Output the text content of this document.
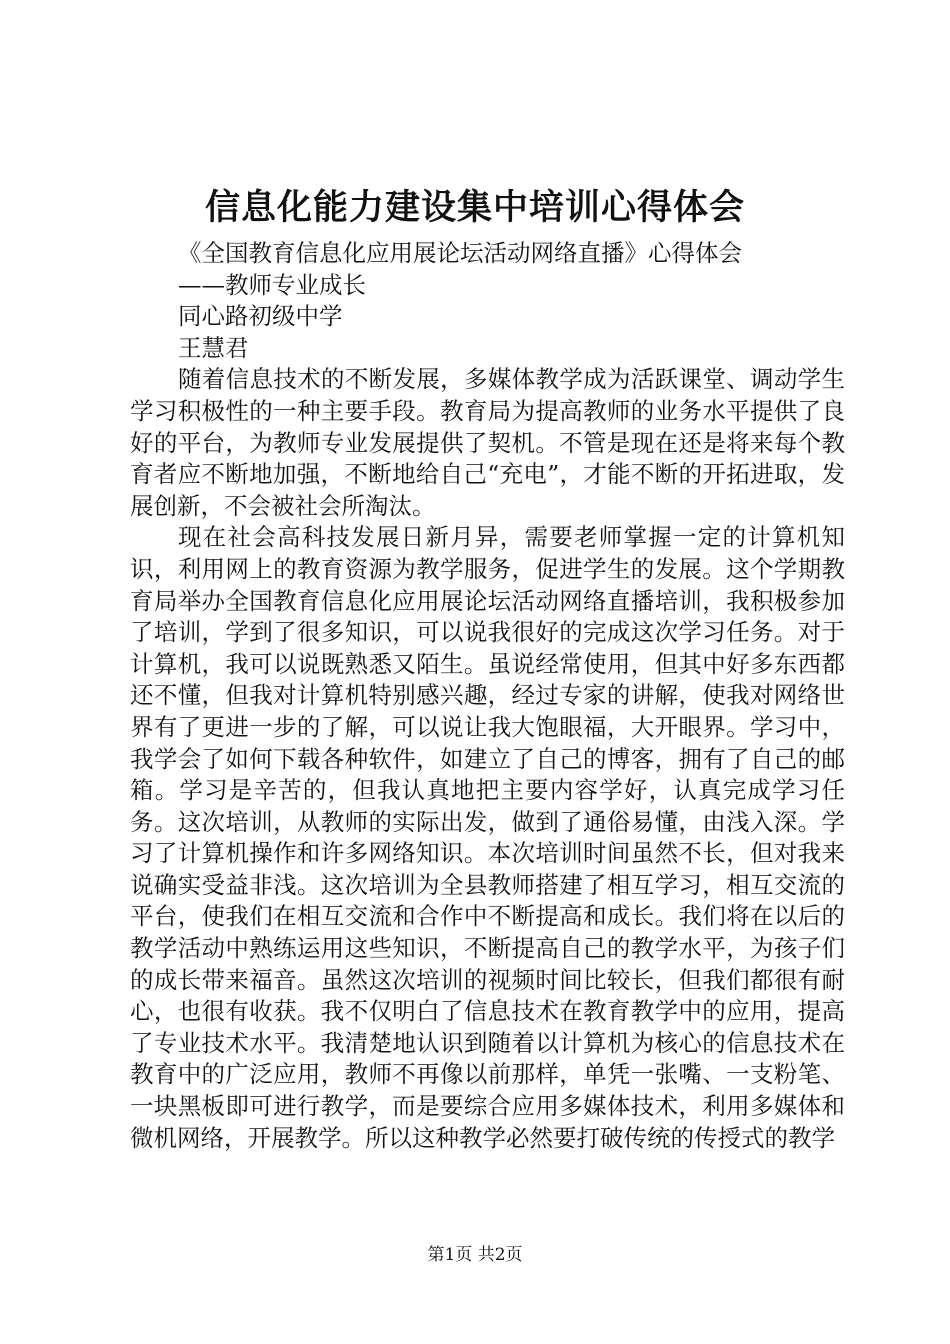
信息化能力建设集中培训心得体会

《全国教育信息化应用展论坛活动网络直播》心得体会

——教师专业成长

同心路初级中学

王慧君

随着信息技术的不断发展，多媒体教学成为活跃课堂、调动学生学习积极性的一种主要手段。教育局为提高教师的业务水平提供了良好的平台，为教师专业发展提供了契机。不管是现在还是将来每个教育者应不断地加强，不断地给自己“充电”，才能不断的开拓进取，发展创新，不会被社会所淘汰。

现在社会高科技发展日新月异，需要老师掌握一定的计算机知识，利用网上的教育资源为教学服务，促进学生的发展。这个学期教育局举办全国教育信息化应用展论坛活动网络直播培训，我积极参加了培训，学到了很多知识，可以说我很好的完成这次学习任务。对于计算机，我可以说既熟悉又陌生。虽说经常使用，但其中好多东西都还不懂，但我对计算机特别感兴趣，经过专家的讲解，使我对网络世界有了更进一步的了解，可以说让我大饱眼福，大开眼界。学习中，我学会了如何下载各种软件，如建立了自己的博客，拥有了自己的邮箱。学习是辛苦的，但我认真地把主要内容学好，认真完成学习任务。这次培训，从教师的实际出发，做到了通俗易懂，由浅入深。学习了计算机操作和许多网络知识。本次培训时间虽然不长，但对我来说确实受益非浅。这次培训为全县教师搭建了相互学习，相互交流的平台，使我们在相互交流和合作中不断提高和成长。我们将在以后的教学活动中熟练运用这些知识，不断提高自己的教学水平，为孩子们的成长带来福音。虽然这次培训的视频时间比较长，但我们都很有耐心，也很有收获。我不仅明白了信息技术在教育教学中的应用，提高了专业技术水平。我清楚地认识到随着以计算机为核心的信息技术在教育中的广泛应用，教师不再像以前那样，单凭一张嘴、一支粉笔、一块黑板即可进行教学，而是要综合应用多媒体技术，利用多媒体和微机网络，开展教学。所以这种教学必然要打破传统的传授式的教学

第1页 共2页
